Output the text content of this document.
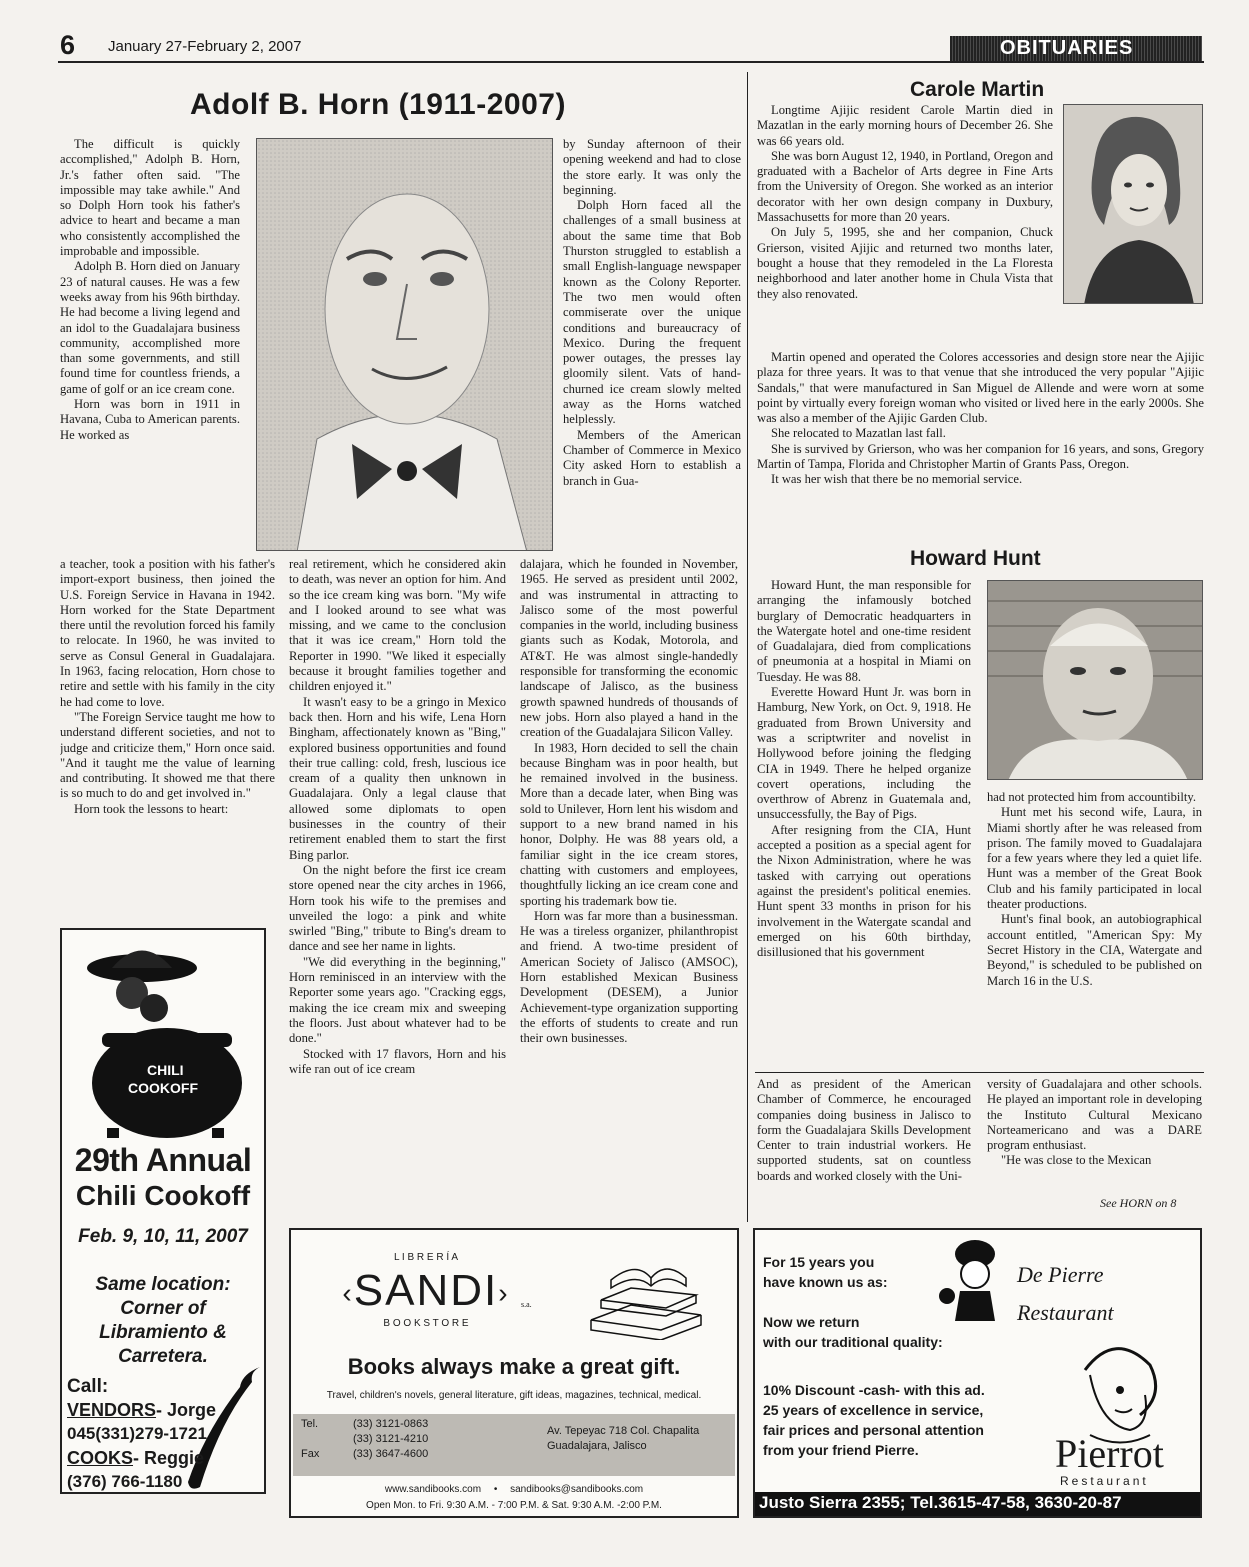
6 January 27-February 2, 2007	OBITUARIES
Adolf B. Horn (1911-2007)

The difficult is quickly accomplished," Adolph B. Horn, Jr.'s father often said. "The impossible may take awhile." And so Dolph Horn took his father's advice to heart and became a man who consistently accomplished the improbable and impossible.

Adolph B. Horn died on January 23 of natural causes. He was a few weeks away from his 96th birthday. He had become a living legend and an idol to the Guadalajara business community, accomplished more than some governments, and still found time for countless friends, a game of golf or an ice cream cone.

Horn was born in 1911 in Havana, Cuba to American parents. He worked as

a teacher, took a position with his father's import-export business, then joined the U.S. Foreign Service in Havana in 1942. Horn worked for the State Department there until the revolution forced his family to relocate. In 1960, he was invited to serve as Consul General in Guadalajara. In 1963, facing relocation, Horn chose to retire and settle with his family in the city he had come to love.

"The Foreign Service taught me how to understand different societies, and not to judge and criticize them," Horn once said. "And it taught me the value of learning and contributing. It showed me that there is so much to do and get involved in."

Horn took the lessons to heart:

real retirement, which he considered akin to death, was never an option for him. And so the ice cream king was born. "My wife and I looked around to see what was missing, and we came to the conclusion that it was ice cream," Horn told the Reporter in 1990. "We liked it especially because it brought families together and children enjoyed it."

It wasn't easy to be a gringo in Mexico back then. Horn and his wife, Lena Horn Bingham, affectionately known as "Bing," explored business opportunities and found their true calling: cold, fresh, luscious ice cream of a quality then unknown in Guadalajara. Only a legal clause that allowed some diplomats to open businesses in the country of their retirement enabled them to start the first Bing parlor.

On the night before the first ice cream store opened near the city arches in 1966, Horn took his wife to the premises and unveiled the logo: a pink and white swirled "Bing," tribute to Bing's dream to dance and see her name in lights.

"We did everything in the beginning," Horn reminisced in an interview with the Reporter some years ago. "Cracking eggs, making the ice cream mix and sweeping the floors. Just about whatever had to be done."

Stocked with 17 flavors, Horn and his wife ran out of ice cream

by Sunday afternoon of their opening weekend and had to close the store early. It was only the beginning.

Dolph Horn faced all the challenges of a small business at about the same time that Bob Thurston struggled to establish a small English-language newspaper known as the Colony Reporter. The two men would often commiserate over the unique conditions and bureaucracy of Mexico. During the frequent power outages, the presses lay gloomily silent. Vats of hand-churned ice cream slowly melted away as the Horns watched helplessly.

Members of the American Chamber of Commerce in Mexico City asked Horn to establish a branch in Gua-

dalajara, which he founded in November, 1965. He served as president until 2002, and was instrumental in attracting to Jalisco some of the most powerful companies in the world, including business giants such as Kodak, Motorola, and AT&T. He was almost single-handedly responsible for transforming the economic landscape of Jalisco, as the business growth spawned hundreds of thousands of new jobs. Horn also played a hand in the creation of the Guadalajara Silicon Valley.

In 1983, Horn decided to sell the chain because Bingham was in poor health, but he remained involved in the business. More than a decade later, when Bing was sold to Unilever, Horn lent his wisdom and support to a new brand named in his honor, Dolphy. He was 88 years old, a familiar sight in the ice cream stores, chatting with customers and employees, thoughtfully licking an ice cream cone and sporting his trademark bow tie.

Horn was far more than a businessman. He was a tireless organizer, philanthropist and friend. A two-time president of American Society of Jalisco (AMSOC), Horn established Mexican Business Development (DESEM), a Junior Achievement-type organization supporting the efforts of students to create and run their own businesses.

CHILI
COOKOFF
29th Annual
Chili Cookoff
Feb. 9, 10, 11, 2007
Same location:
Corner of
Libramiento &
Carretera.
Call:
VENDORS- Jorge
045(331)279-1721
COOKS- Reggie
(376) 766-1180
L I B R E R Í A
‹SANDI›	s.a.
B O O K S T O R E
Books always make a great gift.
Travel, children's novels, general literature, gift ideas, magazines, technical, medical.
Tel.	(33) 3121-0863
(33) 3121-4210
Fax	(33) 3647-4600
Av. Tepeyac 718 Col. Chapalita
Guadalajara, Jalisco
www.sandibooks.com • sandibooks@sandibooks.com
Open Mon. to Fri. 9:30 A.M. - 7:00 P.M. & Sat. 9:30 A.M. -2:00 P.M.
Carole Martin

Longtime Ajijic resident Carole Martin died in Mazatlan in the early morning hours of December 26. She was 66 years old.

She was born August 12, 1940, in Portland, Oregon and graduated with a Bachelor of Arts degree in Fine Arts from the University of Oregon. She worked as an interior decorator with her own design company in Duxbury, Massachusetts for more than 20 years.

On July 5, 1995, she and her companion, Chuck Grierson, visited Ajijic and returned two months later, bought a house that they remodeled in the La Floresta neighborhood and later another home in Chula Vista that they also renovated.

Martin opened and operated the Colores accessories and design store near the Ajijic plaza for three years. It was to that venue that she introduced the very popular "Ajijic Sandals," that were manufactured in San Miguel de Allende and were worn at some point by virtually every foreign woman who visited or lived here in the early 2000s. She was also a member of the Ajijic Garden Club.

She relocated to Mazatlan last fall.

She is survived by Grierson, who was her companion for 16 years, and sons, Gregory Martin of Tampa, Florida and Christopher Martin of Grants Pass, Oregon.

It was her wish that there be no memorial service.

Howard Hunt

Howard Hunt, the man responsible for arranging the infamously botched burglary of Democratic headquarters in the Watergate hotel and one-time resident of Guadalajara, died from complications of pneumonia at a hospital in Miami on Tuesday. He was 88.

Everette Howard Hunt Jr. was born in Hamburg, New York, on Oct. 9, 1918. He graduated from Brown University and was a scriptwriter and novelist in Hollywood before joining the fledging CIA in 1949. There he helped organize covert operations, including the overthrow of Abrenz in Guatemala and, unsuccessfully, the Bay of Pigs.

After resigning from the CIA, Hunt accepted a position as a special agent for the Nixon Administration, where he was tasked with carrying out operations against the president's political enemies. Hunt spent 33 months in prison for his involvement in the Watergate scandal and emerged on his 60th birthday, disillusioned that his government

had not protected him from accountibilty.

Hunt met his second wife, Laura, in Miami shortly after he was released from prison. The family moved to Guadalajara for a few years where they led a quiet life. Hunt was a member of the Great Book Club and his family participated in local theater productions.

Hunt's final book, an autobiographical account entitled, "American Spy: My Secret History in the CIA, Watergate and Beyond," is scheduled to be published on March 16 in the U.S.

And as president of the American Chamber of Commerce, he encouraged companies doing business in Jalisco to form the Guadalajara Skills Development Center to train industrial workers. He supported students, sat on countless boards and worked closely with the Uni-

versity of Guadalajara and other schools. He played an important role in developing the Instituto Cultural Mexicano Norteamericano and was a DARE program enthusiast.

"He was close to the Mexican

See HORN on 8
For 15 years you
have known us as:	De Pierre
Restaurant
Now we return
with our traditional quality:
10% Discount -cash- with this ad.
25 years of excellence in service,
fair prices and personal attention
from your friend Pierre.	Pierrot
Restaurant
Justo Sierra 2355; Tel.3615-47-58, 3630-20-87
